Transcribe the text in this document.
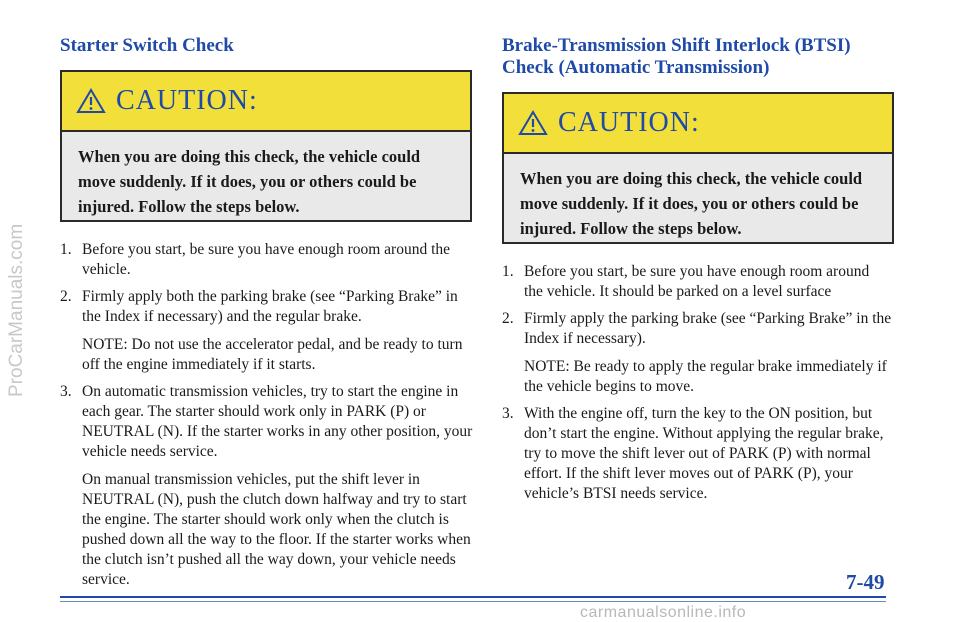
ProCarManuals.com
Starter Switch Check
CAUTION:
When you are doing this check, the vehicle could move suddenly. If it does, you or others could be injured. Follow the steps below.
1. Before you start, be sure you have enough room around the vehicle.
2. Firmly apply both the parking brake (see “Parking Brake” in the Index if necessary) and the regular brake.
NOTE: Do not use the accelerator pedal, and be ready to turn off the engine immediately if it starts.
3. On automatic transmission vehicles, try to start the engine in each gear. The starter should work only in PARK (P) or NEUTRAL (N). If the starter works in any other position, your vehicle needs service.
On manual transmission vehicles, put the shift lever in NEUTRAL (N), push the clutch down halfway and try to start the engine. The starter should work only when the clutch is pushed down all the way to the floor. If the starter works when the clutch isn’t pushed all the way down, your vehicle needs service.
Brake-Transmission Shift Interlock (BTSI) Check (Automatic Transmission)
CAUTION:
When you are doing this check, the vehicle could move suddenly. If it does, you or others could be injured. Follow the steps below.
1. Before you start, be sure you have enough room around the vehicle. It should be parked on a level surface
2. Firmly apply the parking brake (see “Parking Brake” in the Index if necessary).
NOTE: Be ready to apply the regular brake immediately if the vehicle begins to move.
3. With the engine off, turn the key to the ON position, but don’t start the engine. Without applying the regular brake, try to move the shift lever out of PARK (P) with normal effort. If the shift lever moves out of PARK (P), your vehicle’s BTSI needs service.
7-49
carmanualsonline.info
